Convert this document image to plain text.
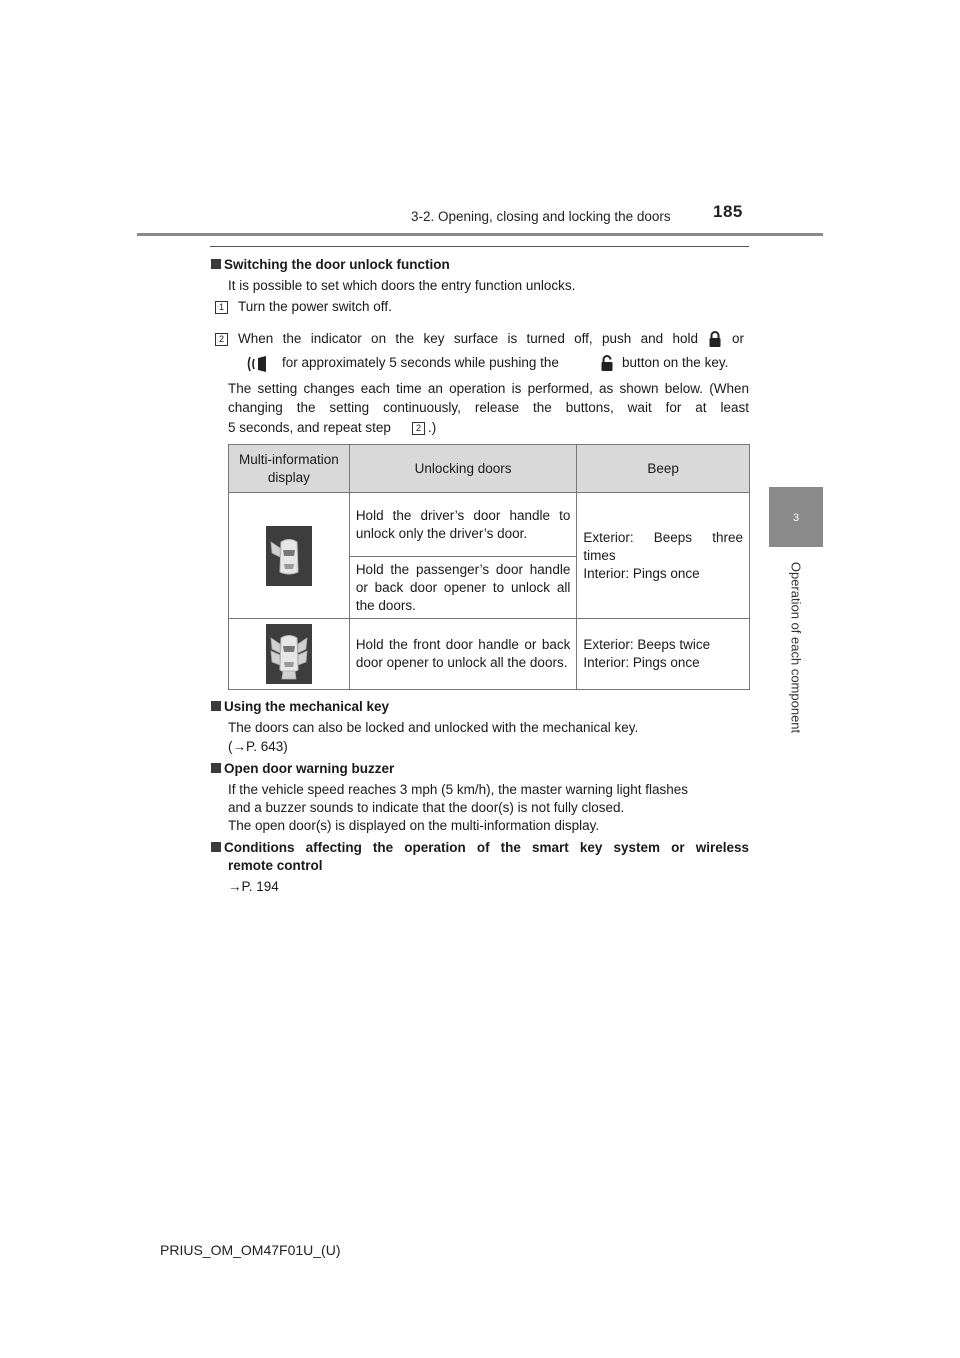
3-2. Opening, closing and locking the doors 185
3
Operation of each component
Switching the door unlock function
It is possible to set which doors the entry function unlocks.
1 Turn the power switch off.
2 When the indicator on the key surface is turned off, push and hold	or
for approximately 5 seconds while pushing the	button on the key.
The setting changes each time an operation is performed, as shown below. (When changing the setting continuously, release the buttons, wait for at least
5 seconds, and repeat step	2 .)
Multi-information display	Unlocking doors	Beep

	Hold the driver’s door handle to unlock only the driver’s door.	Exterior: Beeps three times
Interior: Pings once

	Hold the passenger’s door handle or back door opener to unlock all the doors.	

	Hold the front door handle or back door opener to unlock all the doors.	Exterior: Beeps twice
Interior: Pings once
Using the mechanical key
The doors can also be locked and unlocked with the mechanical key.
(→P. 643)
Open door warning buzzer
If the vehicle speed reaches 3 mph (5 km/h), the master warning light flashes
and a buzzer sounds to indicate that the door(s) is not fully closed.
The open door(s) is displayed on the multi-information display.
Conditions affecting the operation of the smart key system or wireless
remote control
→P. 194
PRIUS_OM_OM47F01U_(U)
